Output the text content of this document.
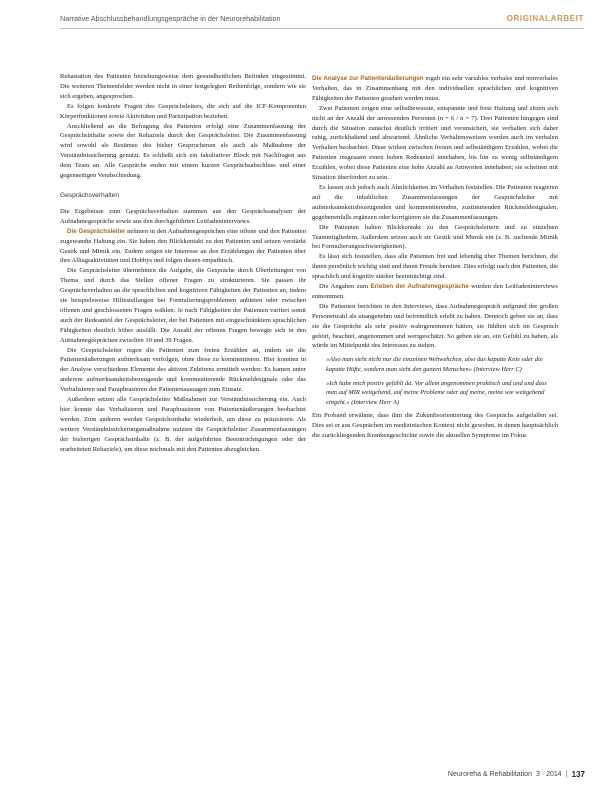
Narrative Abschlussbehandlungsgespräche in der Neurorehabilitation	ORIGINALARBEIT

Rehastation des Patienten beziehungsweise dem gesundheitlichen Befinden eingestimmt. Die weiteren Themenfelder werden nicht in einer festgelegten Reihenfolge, sondern wie sie sich ergeben, angesprochen.

Es folgen konkrete Fragen des Gesprächsleiters, die sich auf die ICF-Komponenten Körperfunktionen sowie Aktivitäten und Partizipation beziehen.

Anschließend an die Befragung des Patienten erfolgt eine Zusammenfassung der Gesprächsinhalte sowie der Rehaziele durch den Gesprächsleiter. Die Zusammenfassung wird sowohl als Resümee des bisher Gesprochenen als auch als Maßnahme der Verständnissicherung genutzt. Es schließt sich ein fakultativer Block mit Nachfragen aus dem Team an. Alle Gespräche enden mit einem kurzen Gesprächsabschluss und einer gegenseitigen Verabschiedung.

Gesprächsverhalten

Die Ergebnisse zum Gesprächsverhalten stammen aus den Gesprächsanalysen der Aufnahmegespräche sowie aus den durchgeführten Leitfadeninterviews.

Die Gesprächsleiter nehmen in den Aufnahmegesprächen eine offene und den Patienten zugewandte Haltung ein. Sie haben den Blickkontakt zu den Patienten und setzen verstärkt Gestik und Mimik ein. Zudem zeigen sie Interesse an den Erzählungen der Patienten über ihre Alltagsaktivitäten und Hobbys und folgen diesen empathisch.

Die Gesprächsleiter übernehmen die Aufgabe, die Gespräche durch Überleitungen von Thema und durch das Stellen offener Fragen zu strukturieren. Sie passen ihr Gesprächsverhalten an die sprachlichen und kognitiven Fähigkeiten der Patienten an, indem sie beispielsweise Hilfestellungen bei Formulierungsproblemen anbieten oder zwischen offenen und geschlossenen Fragen wählen. Je nach Fähigkeiten der Patienten variiert somit auch der Redeanteil der Gesprächsleiter, der bei Patienten mit eingeschränktem sprachlichen Fähigkeiten deutlich höher ausfällt. Die Anzahl der offenen Fragen bewegte sich in den Aufnahmegesprächen zwischen 10 und 39 Fragen.

Die Gesprächsleiter regen die Patienten zum freien Erzählen an, indem sie die Patientenäußerungen aufmerksam verfolgen, ohne diese zu kommentieren. Hier konnten in der Analyse verschiedene Elemente des aktiven Zuhörens ermittelt werden: Es kamen unter anderem aufmerksamkeitsbezeugende und kommentierende Rückmeldesignale oder das Verbalisieren und Paraphrasieren der Patientenaussagen zum Einsatz.

Außerdem setzen alle Gesprächsleiter Maßnahmen zur Verständnissicherung ein. Auch hier konnte das Verbalisieren und Paraphrasieren von Patientenäußerungen beobachtet werden. Zum anderen werden Gesprächsinhalte wiederholt, um diese zu präzisieren. Als weitere Verständnissicherungsmaßnahme nutzten die Gesprächsleiter Zusammenfassungen der bisherigen Gesprächsinhalte (z. B. der aufgeführten Beeinträchtigungen oder der erarbeiteten Rehaziele), um diese nochmals mit den Patienten abzugleichen.

Die Analyse zur Patientenäußerungen ergab ein sehr variables verbales und nonverbales Verhalten, das in Zusammenhang mit den individuellen sprachlichen und kognitiven Fähigkeiten der Patienten gesehen werden muss.

Zwei Patienten zeigen eine selbstbewusste, entspannte und freie Haltung und sitzen sich nicht an der Anzahl der anwesenden Personen (n = 6 / n = 7). Drei Patienten hingegen sind durch die Situation zunächst deutlich irritiert und verunsichert, sie verhalten sich daher ruhig, zurückhaltend und abwartend. Ähnliche Verhaltensweisen wurden auch im verbalen Verhalten beobachtet. Diese wirken zwischen freiem und selbständigem Erzählen, wobei die Patienten insgesamt einen hohen Redeanteil innehaben, bis hin zu wenig selbständigem Erzählen, wobei diese Patienten eine hohe Anzahl an Antworten innehaben; sie scheinen mit Situation überfordert zu sein.

Es lassen sich jedoch auch Ähnlichkeiten im Verhalten feststellen. Die Patienten reagieren auf die inhaltlichen Zusammenfassungen der Gesprächsleiter mit aufmerksamkeitsbezeugenden und kommentierenden, zustimmenden Rückmeldesignalen, gegebenenfalls ergänzen oder korrigieren sie die Zusammenfassungen.

Die Patienten halten Blickkontakt zu den Gesprächsleitern und zu einzelnen Teammitgliedern. Außerdem setzen auch sie Gestik und Mimik ein (z. B. suchende Mimik bei Formulierungsschwierigkeiten).

Es lässt sich feststellen, dass alle Patienten frei und lebendig über Themen berichten, die ihnen persönlich wichtig sind und ihnen Freude bereiten. Dies erfolgt nach den Patienten, die sprachlich und kognitiv stärker beeinträchtigt sind.

Die Angaben zum Erleben der Aufnahmegespräche wurden den Leitfadeninterviews entnommen.

Die Patienten berichten in den Interviews, dass Aufnahmegespräch aufgrund der großen Personenzahl als unangenehm und befremdlich erlebt zu haben. Dennoch geben sie an, dass sie die Gespräche als sehr positiv wahrgenommen hätten, sie fühlten sich im Gespräch gehört, beachtet, angenommen und wertgeschätzt. So geben sie an, ein Gefühl zu haben, als würde im Mittelpunkt des Interesses zu stehen.

»Also man sieht nicht nur die einzelnen Wehwehchen, also das kaputte Knie oder die kaputte Hüfte, sondern man sieht den ganzen Menschen« (Interview Herr C)
»Ich habe mich positiv gefühlt da. Vor allem angenommen praktisch und und und dass man auf MIR weitgehend, auf meine Probleme oder auf meine, meine wie weitgehend eingeht.« (Interview Herr A)

Ein Proband erwähnte, dass ihm die Zukunftsorientierung des Gesprächs aufgefallen sei. Dies sei er aus Gesprächen im medizinischen Kontext nicht gewohnt, in denen hauptsächlich die zurückliegenden Krankengeschichte sowie die aktuellen Symptome im Fokus

Neuroreha & Rehabilitation 3 · 2014 | 137
